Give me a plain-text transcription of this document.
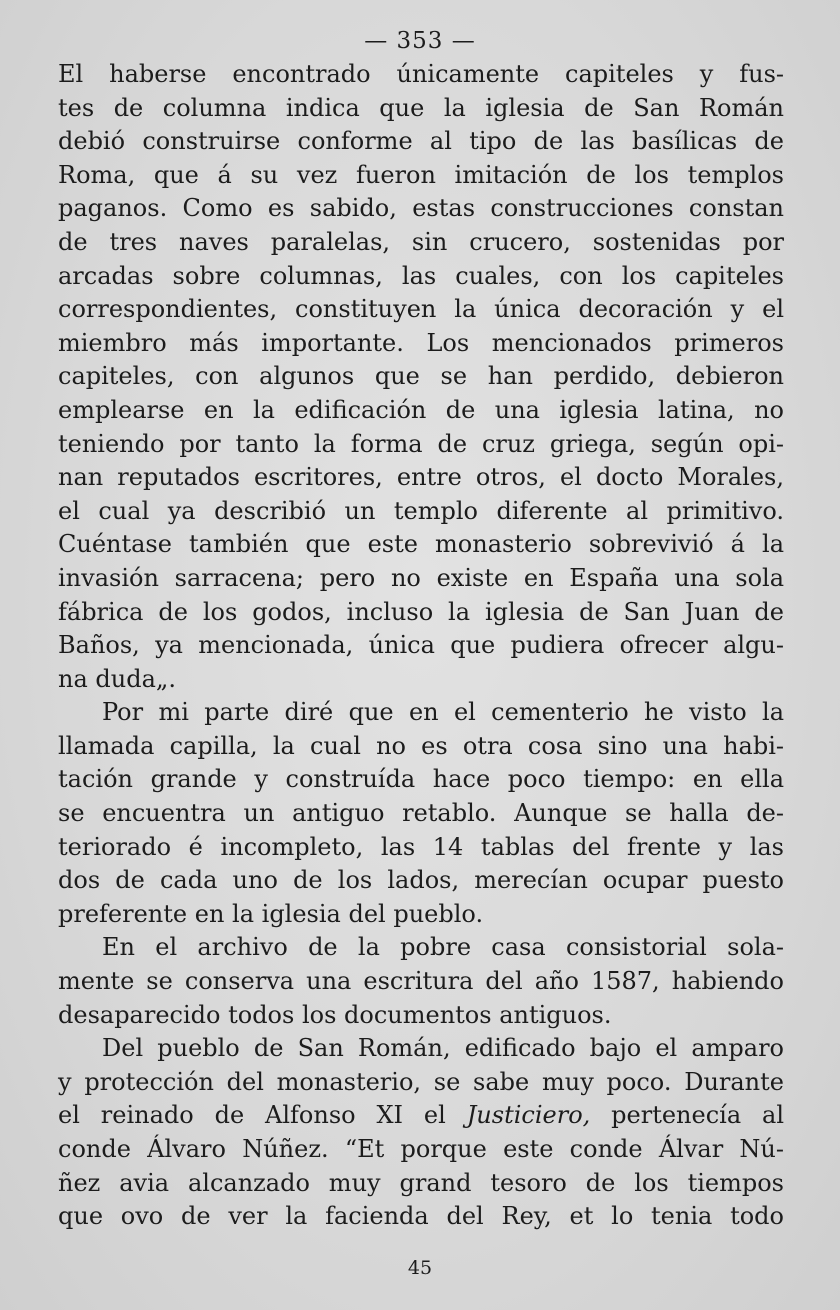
— 353 —
El haberse encontrado únicamente capiteles y fus-
tes de columna indica que la iglesia de San Román
debió construirse conforme al tipo de las basílicas de
Roma, que á su vez fueron imitación de los templos
paganos. Como es sabido, estas construcciones constan
de tres naves paralelas, sin crucero, sostenidas por
arcadas sobre columnas, las cuales, con los capiteles
correspondientes, constituyen la única decoración y el
miembro más importante. Los mencionados primeros
capiteles, con algunos que se han perdido, debieron
emplearse en la edificación de una iglesia latina, no
teniendo por tanto la forma de cruz griega, según opi-
nan reputados escritores, entre otros, el docto Morales,
el cual ya describió un templo diferente al primitivo.
Cuéntase también que este monasterio sobrevivió á la
invasión sarracena; pero no existe en España una sola
fábrica de los godos, incluso la iglesia de San Juan de
Baños, ya mencionada, única que pudiera ofrecer algu-
na duda„.
Por mi parte diré que en el cementerio he visto la
llamada capilla, la cual no es otra cosa sino una habi-
tación grande y construída hace poco tiempo: en ella
se encuentra un antiguo retablo. Aunque se halla de-
teriorado é incompleto, las 14 tablas del frente y las
dos de cada uno de los lados, merecían ocupar puesto
preferente en la iglesia del pueblo.
En el archivo de la pobre casa consistorial sola-
mente se conserva una escritura del año 1587, habiendo
desaparecido todos los documentos antiguos.
Del pueblo de San Román, edificado bajo el amparo
y protección del monasterio, se sabe muy poco. Durante
el reinado de Alfonso XI el Justiciero, pertenecía al
conde Álvaro Núñez. “Et porque este conde Álvar Nú-
ñez avia alcanzado muy grand tesoro de los tiempos
que ovo de ver la facienda del Rey, et lo tenia todo
45
